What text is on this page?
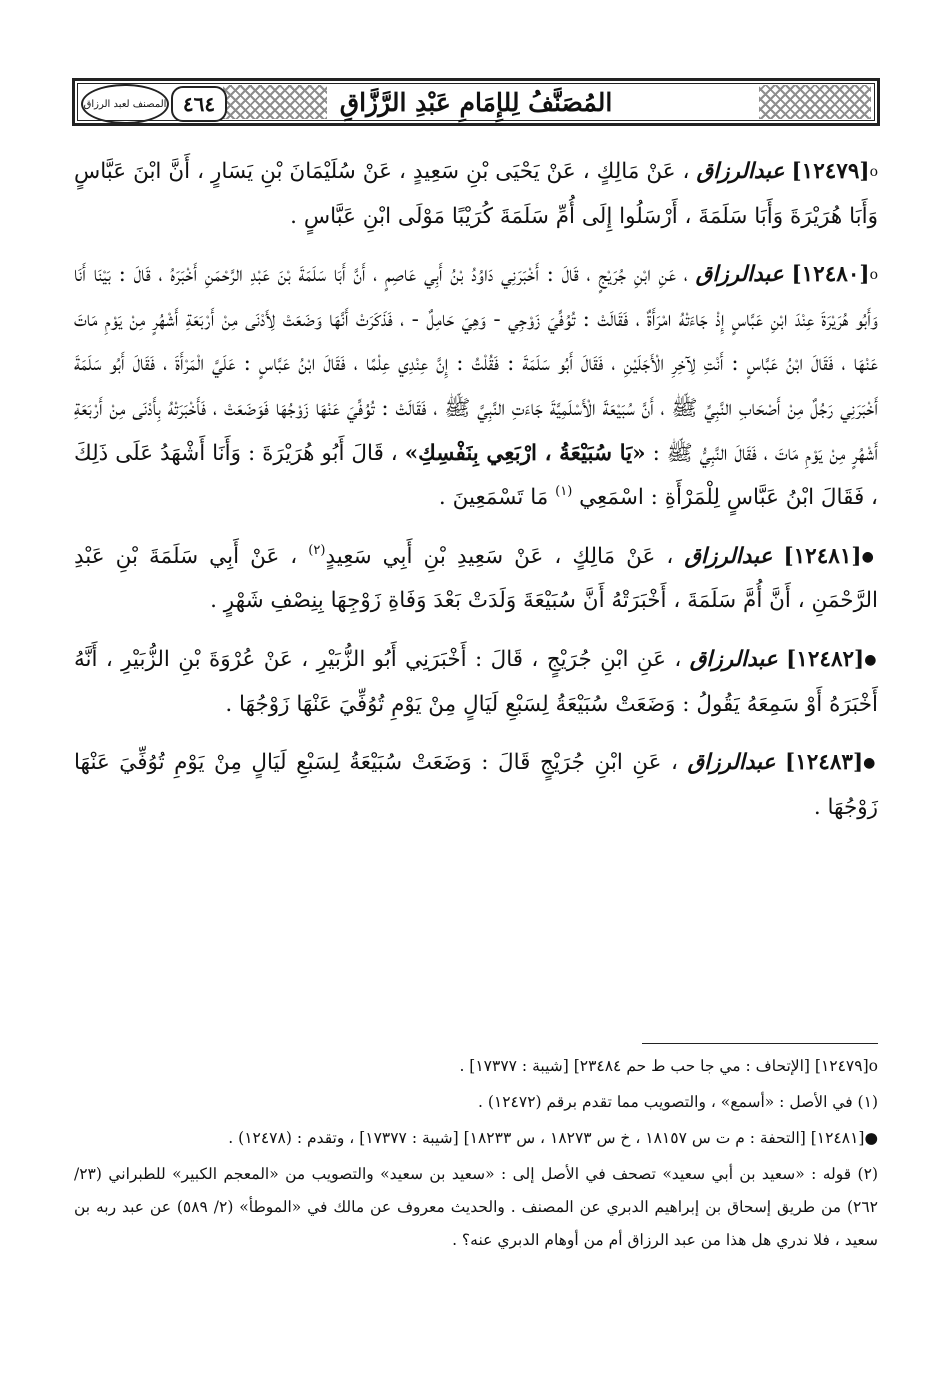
المُصَنَّفُ لِلإِمَامِ عَبْدِ الرَّزَّاقِ
٤٦٤
المصنف لعبد الرزاق

ο[١٢٤٧٩] عبدالرزاق ، عَنْ مَالِكٍ ، عَنْ يَحْيَى بْنِ سَعِيدٍ ، عَنْ سُلَيْمَانَ بْنِ يَسَارٍ ، أَنَّ ابْنَ عَبَّاسٍ وَأَبَا هُرَيْرَةَ وَأَبَا سَلَمَةَ ، أَرْسَلُوا إِلَى أُمِّ سَلَمَةَ كُرَيْبًا مَوْلَى ابْنِ عَبَّاسٍ .

ο[١٢٤٨٠] عبدالرزاق ، عَنِ ابْنِ جُرَيْجٍ ، قَالَ : أَخْبَرَنِي دَاوُدُ بْنُ أَبِي عَاصِمٍ ، أَنَّ أَبَا سَلَمَةَ بْنَ عَبْدِ الرَّحْمَنِ أَخْبَرَهُ ، قَالَ : بَيْنَا أَنَا وَأَبُو هُرَيْرَةَ عِنْدَ ابْنِ عَبَّاسٍ إِذْ جَاءَتْهُ امْرَأَةٌ ، فَقَالَتْ : تُوُفِّيَ زَوْجِي - وَهِيَ حَامِلٌ - ، فَذَكَرَتْ أَنَّهَا وَضَعَتْ لِأَدْنَى مِنْ أَرْبَعَةِ أَشْهُرٍ مِنْ يَوْمِ مَاتَ عَنْهَا ، فَقَالَ ابْنُ عَبَّاسٍ : أَنْتِ لِآخِرِ الْأَجَلَيْنِ ، فَقَالَ أَبُو سَلَمَةَ : فَقُلْتُ : إِنَّ عِنْدِي عِلْمًا ، فَقَالَ ابْنُ عَبَّاسٍ : عَلَيَّ الْمَرْأَةَ ، فَقَالَ أَبُو سَلَمَةَ أَخْبَرَنِي رَجُلٌ مِنْ أَصْحَابِ النَّبِيِّ ﷺ ، أَنَّ سُبَيْعَةَ الْأَسْلَمِيَّةَ جَاءَتِ النَّبِيَّ ﷺ ، فَقَالَتْ : تُوُفِّيَ عَنْهَا زَوْجُهَا فَوَضَعَتْ ، فَأَخْبَرَتْهُ بِأَدْنَى مِنْ أَرْبَعَةِ أَشْهُرٍ مِنْ يَوْمِ مَاتَ ، فَقَالَ النَّبِيُّ ﷺ : «يَا سُبَيْعَةُ ، ارْبَعِي بِنَفْسِكِ» ، قَالَ أَبُو هُرَيْرَةَ : وَأَنَا أَشْهَدُ عَلَى ذَلِكَ ، فَقَالَ ابْنُ عَبَّاسٍ لِلْمَرْأَةِ : اسْمَعِي $^{(١)}$ مَا تَسْمَعِينَ .

●[١٢٤٨١] عبدالرزاق ، عَنْ مَالِكٍ ، عَنْ سَعِيدِ بْنِ أَبِي سَعِيدٍ$^{(٢)}$ ، عَنْ أَبِي سَلَمَةَ بْنِ عَبْدِ الرَّحْمَنِ ، أَنَّ أُمَّ سَلَمَةَ ، أَخْبَرَتْهُ أَنَّ سُبَيْعَةَ وَلَدَتْ بَعْدَ وَفَاةِ زَوْجِهَا بِنِصْفِ شَهْرٍ .

●[١٢٤٨٢] عبدالرزاق ، عَنِ ابْنِ جُرَيْجٍ ، قَالَ : أَخْبَرَنِي أَبُو الزُّبَيْرِ ، عَنْ عُرْوَةَ بْنِ الزُّبَيْرِ ، أَنَّهُ أَخْبَرَهُ أَوْ سَمِعَهُ يَقُولُ : وَضَعَتْ سُبَيْعَةُ لِسَبْعِ لَيَالٍ مِنْ يَوْمِ تُوُفِّيَ عَنْهَا زَوْجُهَا .

●[١٢٤٨٣] عبدالرزاق ، عَنِ ابْنِ جُرَيْجٍ قَالَ : وَضَعَتْ سُبَيْعَةُ لِسَبْعِ لَيَالٍ مِنْ يَوْمِ تُوُفِّيَ عَنْهَا زَوْجُهَا .

ο[١٢٤٧٩] [الإتحاف : مي جا حب ط حم ٢٣٤٨٤] [شيبة : ١٧٣٧٧] .

(١) في الأصل : «أسمع» ، والتصويب مما تقدم برقم (١٢٤٧٢) .

●[١٢٤٨١] [التحفة : م ت س ١٨١٥٧ ، خ س ١٨٢٧٣ ، س ١٨٢٣٣] [شيبة : ١٧٣٧٧] ، وتقدم : (١٢٤٧٨) .

(٢) قوله : «سعيد بن أبي سعيد» تصحف في الأصل إلى : «سعيد بن سعيد» والتصويب من «المعجم الكبير» للطبراني (٢٣/ ٢٦٢) من طريق إسحاق بن إبراهيم الدبري عن المصنف . والحديث معروف عن مالك في «الموطأ» (٢/ ٥٨٩) عن عبد ربه بن سعيد ، فلا ندري هل هذا من عبد الرزاق أم من أوهام الدبري عنه؟ .
